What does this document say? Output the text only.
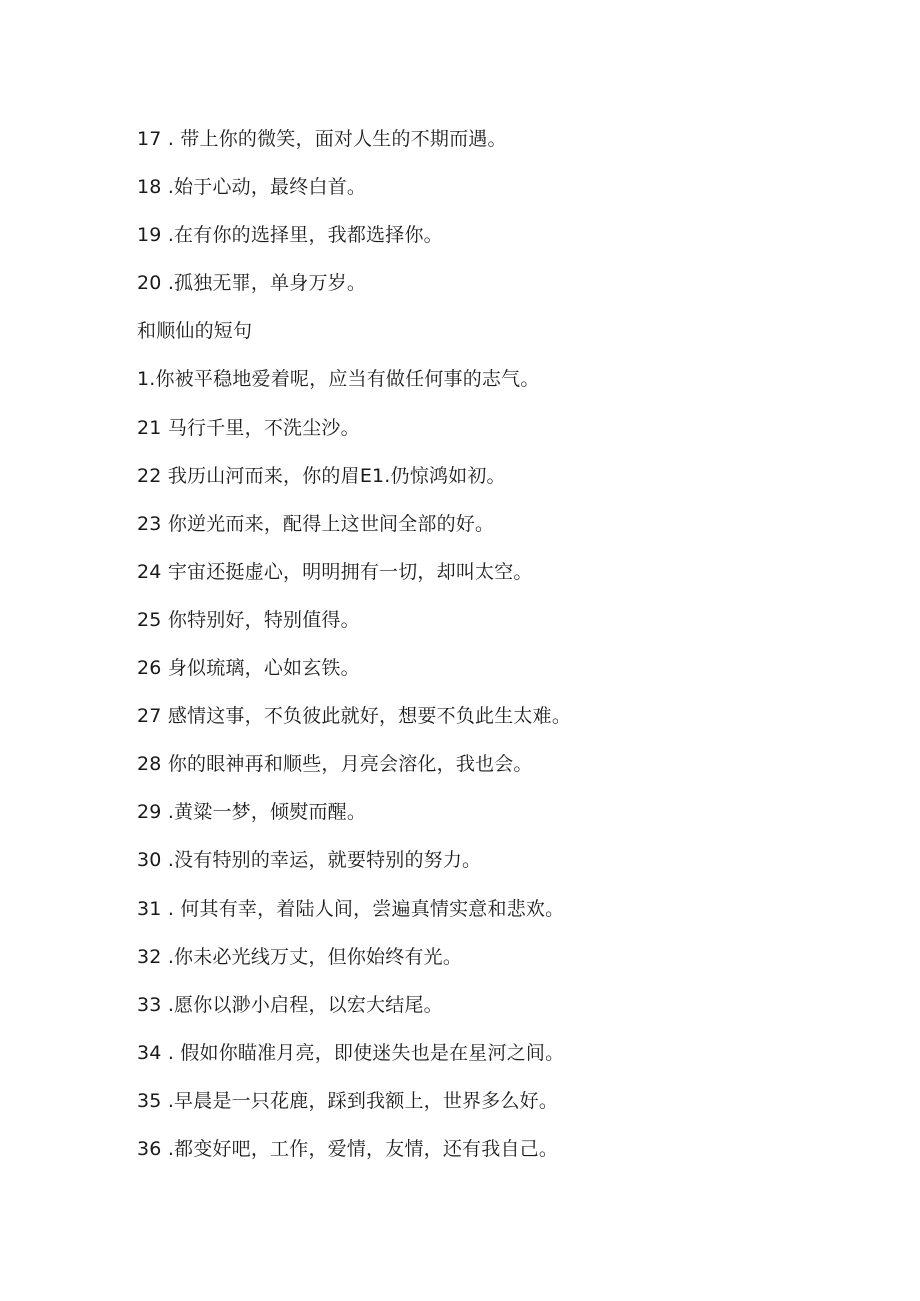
17 . 带上你的微笑，面对人生的不期而遇。
18 .始于心动，最终白首。
19 .在有你的选择里，我都选择你。
20 .孤独无罪，单身万岁。
和顺仙的短句
1.你被平稳地爱着呢，应当有做任何事的志气。
21 马行千里，不洗尘沙。
22 我历山河而来，你的眉E1.仍惊鸿如初。
23 你逆光而来，配得上这世间全部的好。
24 宇宙还挺虚心，明明拥有一切，却叫太空。
25 你特别好，特别值得。
26 身似琉璃，心如玄铁。
27 感情这事，不负彼此就好，想要不负此生太难。
28 你的眼神再和顺些，月亮会溶化，我也会。
29 .黄粱一梦，倾熨而醒。
30 .没有特别的幸运，就要特别的努力。
31 . 何其有幸，着陆人间，尝遍真情实意和悲欢。
32 .你未必光线万丈，但你始终有光。
33 .愿你以渺小启程，以宏大结尾。
34 . 假如你瞄准月亮，即使迷失也是在星河之间。
35 .早晨是一只花鹿，踩到我额上，世界多么好。
36 .都变好吧，工作，爱情，友情，还有我自己。
